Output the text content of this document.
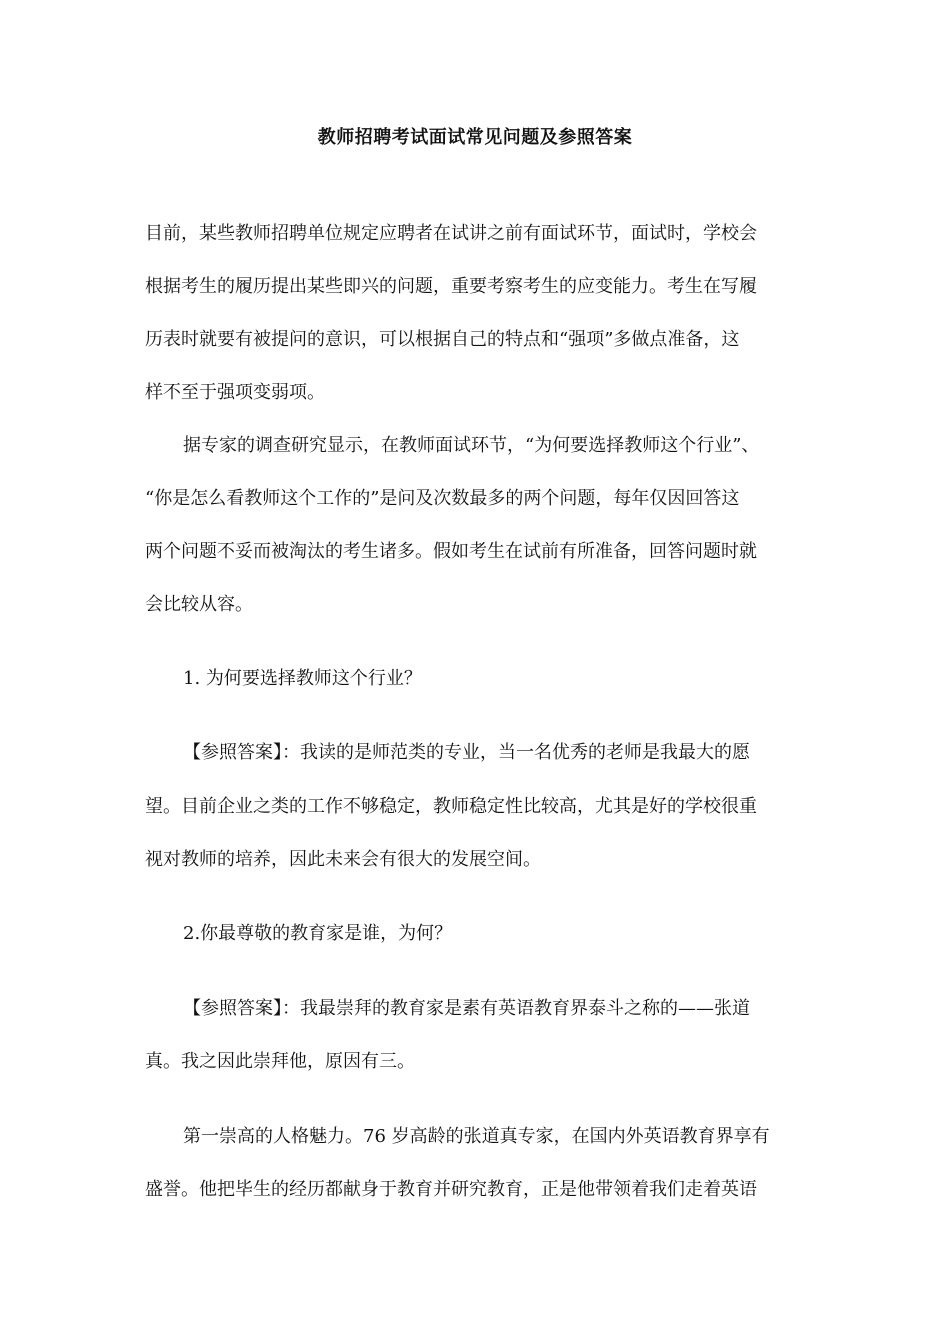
教师招聘考试面试常见问题及参照答案
目前，某些教师招聘单位规定应聘者在试讲之前有面试环节，面试时，学校会
根据考生的履历提出某些即兴的问题，重要考察考生的应变能力。考生在写履
历表时就要有被提问的意识，可以根据自己的特点和“强项”多做点准备，这
样不至于强项变弱项。
据专家的调查研究显示，在教师面试环节，“为何要选择教师这个行业”、
“你是怎么看教师这个工作的”是问及次数最多的两个问题，每年仅因回答这
两个问题不妥而被淘汰的考生诸多。假如考生在试前有所准备，回答问题时就
会比较从容。
1. 为何要选择教师这个行业？
【参照答案】：我读的是师范类的专业，当一名优秀的老师是我最大的愿
望。目前企业之类的工作不够稳定，教师稳定性比较高，尤其是好的学校很重
视对教师的培养，因此未来会有很大的发展空间。
2.你最尊敬的教育家是谁，为何？
【参照答案】：我最崇拜的教育家是素有英语教育界泰斗之称的——张道
真。我之因此崇拜他，原因有三。
第一崇高的人格魅力。76 岁高龄的张道真专家，在国内外英语教育界享有
盛誉。他把毕生的经历都献身于教育并研究教育，正是他带领着我们走着英语
